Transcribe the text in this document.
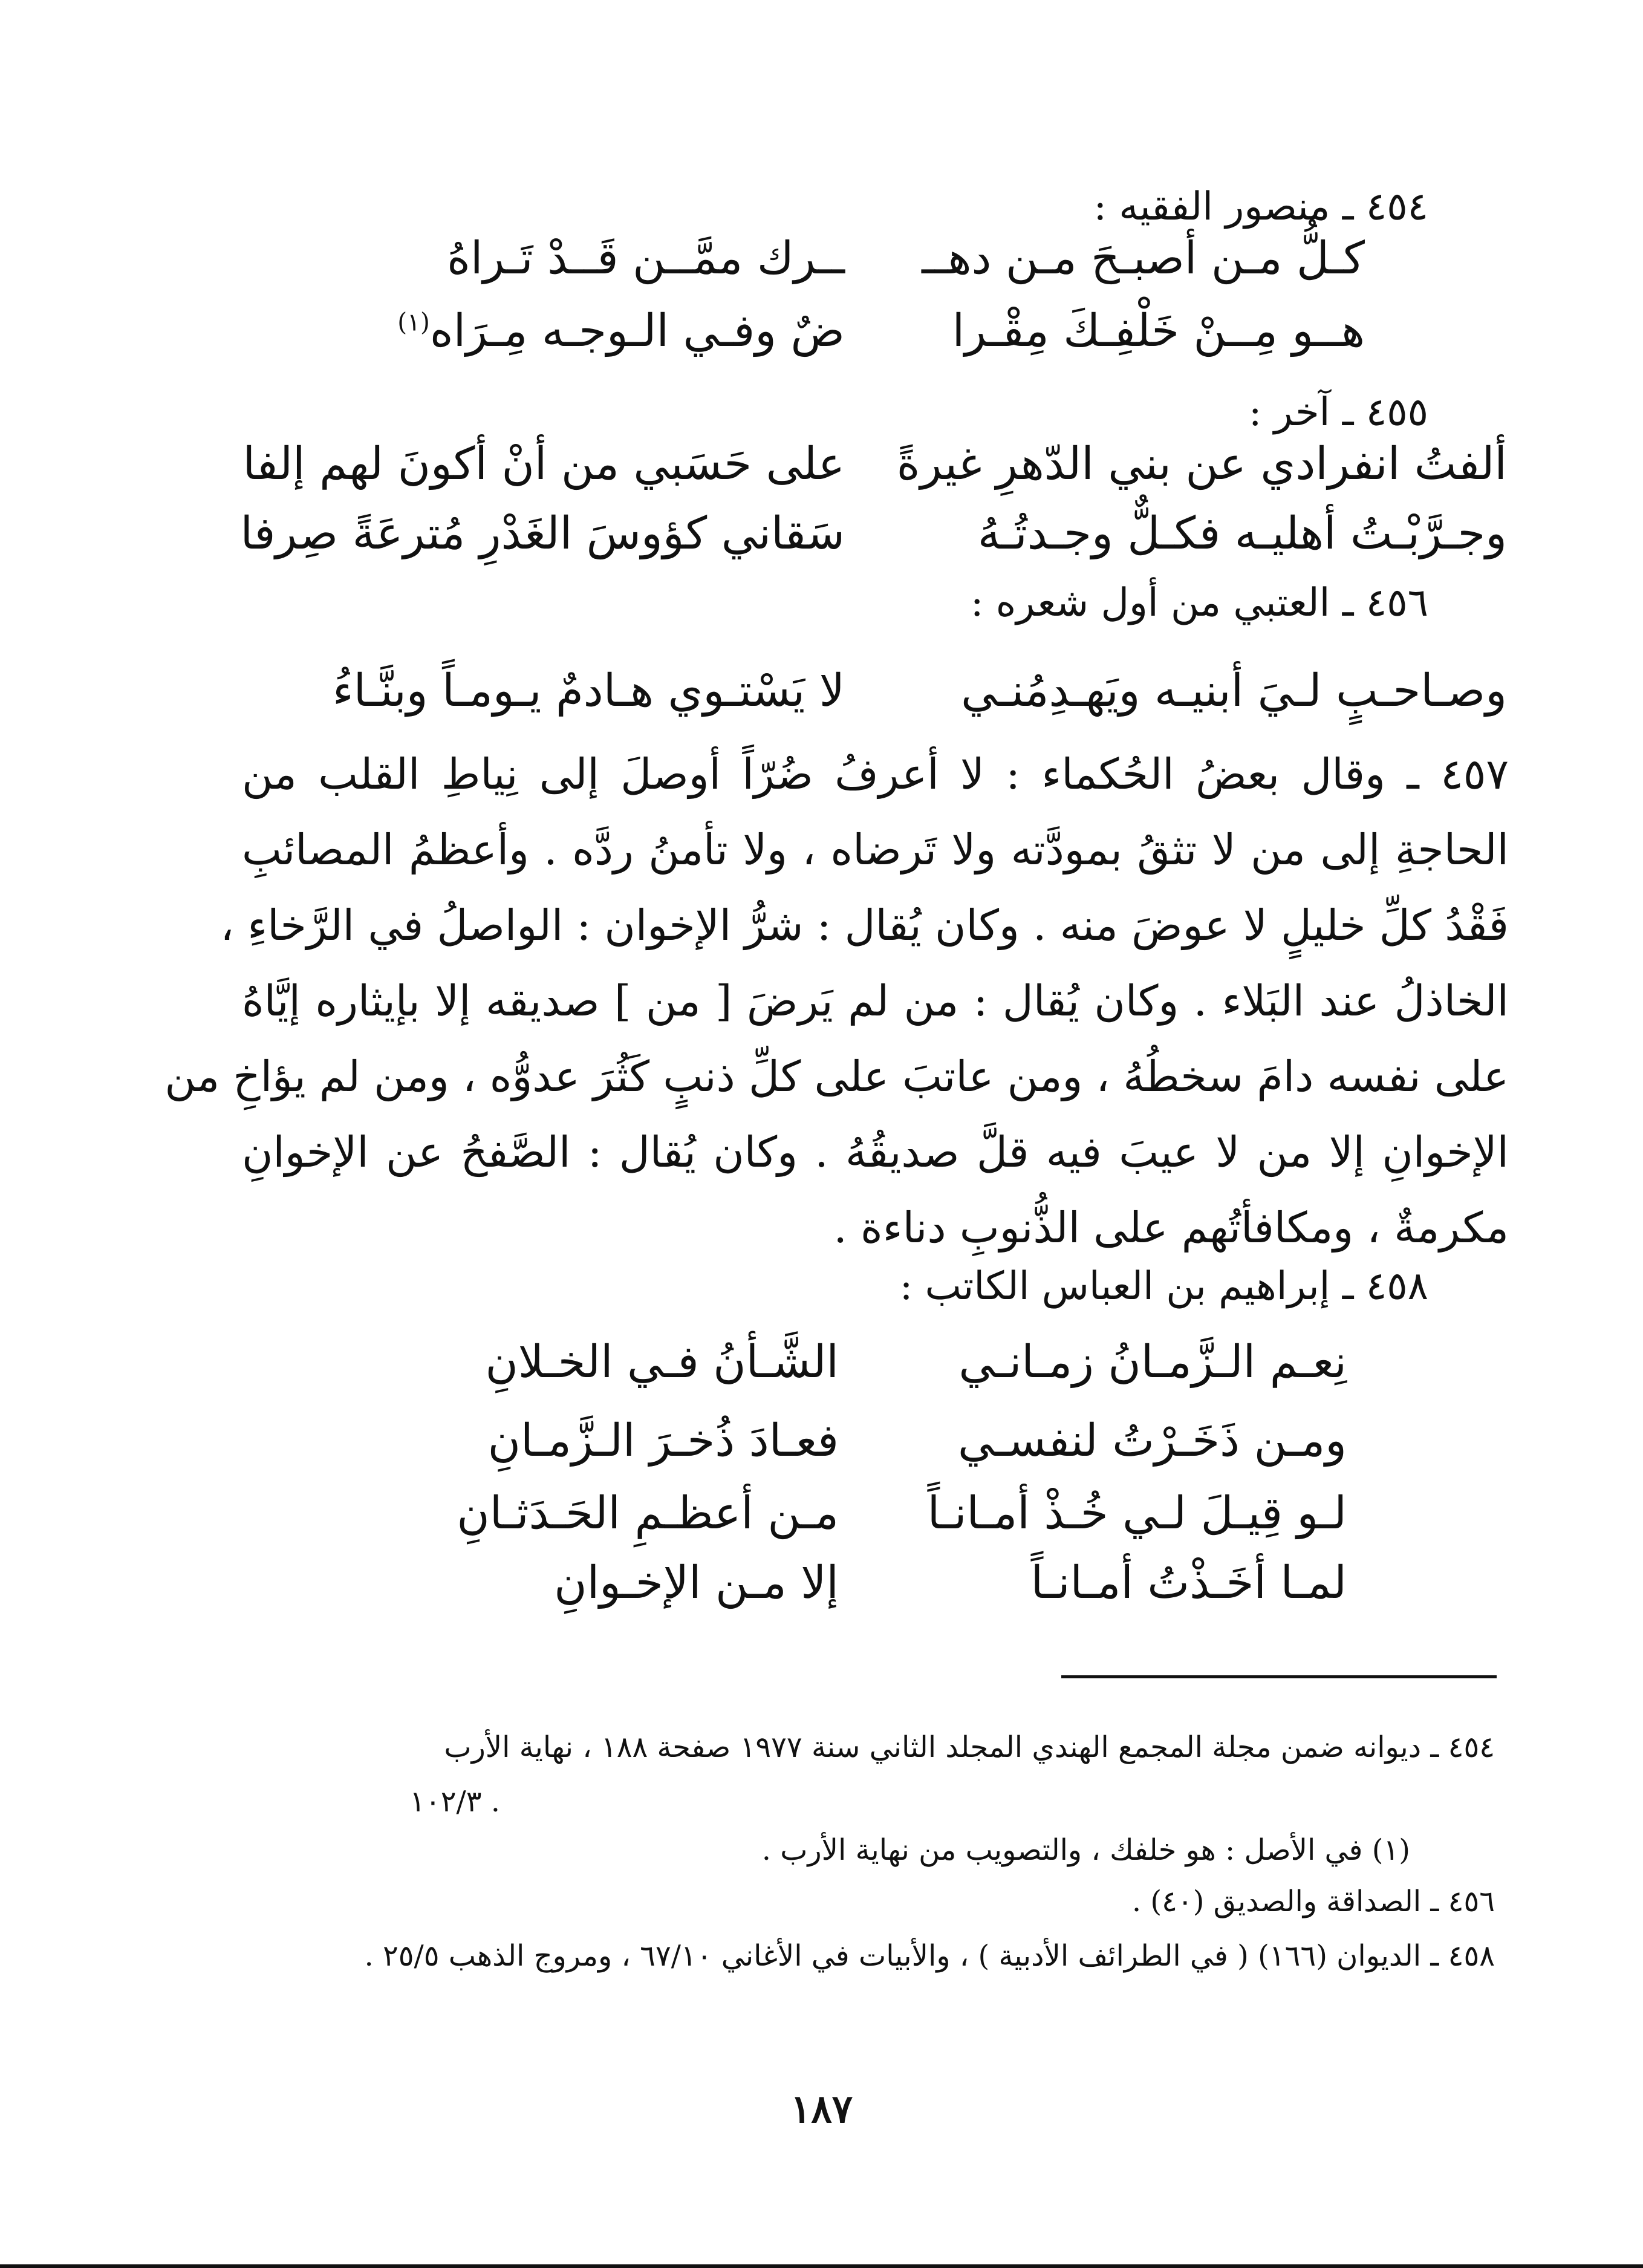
٤٥٤ ـ منصور الفقيه :
كـلُّ مـن أصبـحَ مـن دهــ
ــرك ممَّــن قَــدْ تَـراهُ
هــو مِــنْ خَلْفِـكَ مِقْـرا
ضٌ وفـي الـوجـه مِـرَاه$^{(١)}$
٤٥٥ ـ آخر :
ألفتُ انفرادي عن بني الدّهرِ غيرةً
على حَسَبي من أنْ أكونَ لهم إلفا
وجـرَّبْـتُ أهليـه فكـلٌّ وجـدتُـهُ
سَقاني كؤوسَ الغَدْرِ مُترعَةً صِرفا
٤٥٦ ـ العتبي من أول شعره :
وصـاحـبٍ لـيَ أبنيـه ويَهـدِمُنـي
لا يَسْتـوي هـادمٌ يـومـاً وبنَّـاءُ
٤٥٧ ـ وقال بعضُ الحُكماء : لا أعرفُ ضُرّاً أوصلَ إلى نِياطِ القلب من
الحاجةِ إلى من لا تثقُ بمودَّته ولا تَرضاه ، ولا تأمنُ ردَّه . وأعظمُ المصائبِ
فَقْدُ كلِّ خليلٍ لا عوضَ منه . وكان يُقال : شرُّ الإخوان : الواصلُ في الرَّخاءِ ،
الخاذلُ عند البَلاء . وكان يُقال : من لم يَرضَ [ من ] صديقه إلا بإيثاره إيَّاهُ
على نفسه دامَ سخطُهُ ، ومن عاتبَ على كلِّ ذنبٍ كَثُرَ عدوُّه ، ومن لم يؤاخِ من
الإخوانِ إلا من لا عيبَ فيه قلَّ صديقُهُ . وكان يُقال : الصَّفحُ عن الإخوانِ
مكرمةٌ ، ومكافأتُهم على الذُّنوبِ دناءة .
٤٥٨ ـ إبراهيم بن العباس الكاتب :
نِعـم الـزَّمـانُ زمـانـي
الشَّـأنُ فـي الخـلانِ
ومـن ذَخَـرْتُ لنفسـي
فعـادَ ذُخـرَ الـزَّمـانِ
لـو قِيـلَ لـي خُـذْ أمـانـاً
مـن أعظـمِ الحَـدَثـانِ
لمـا أخَـذْتُ أمـانـاً
إلا مـن الإخـوانِ
٤٥٤ ـ ديوانه ضمن مجلة المجمع الهندي المجلد الثاني سنة ١٩٧٧ صفحة ١٨٨ ، نهاية الأرب
١٠٢/٣ .
(١) في الأصل : هو خلفك ، والتصويب من نهاية الأرب .
٤٥٦ ـ الصداقة والصديق (٤٠) .
٤٥٨ ـ الديوان (١٦٦) ( في الطرائف الأدبية ) ، والأبيات في الأغاني ٦٧/١٠ ، ومروج الذهب ٢٥/٥ .
١٨٧
